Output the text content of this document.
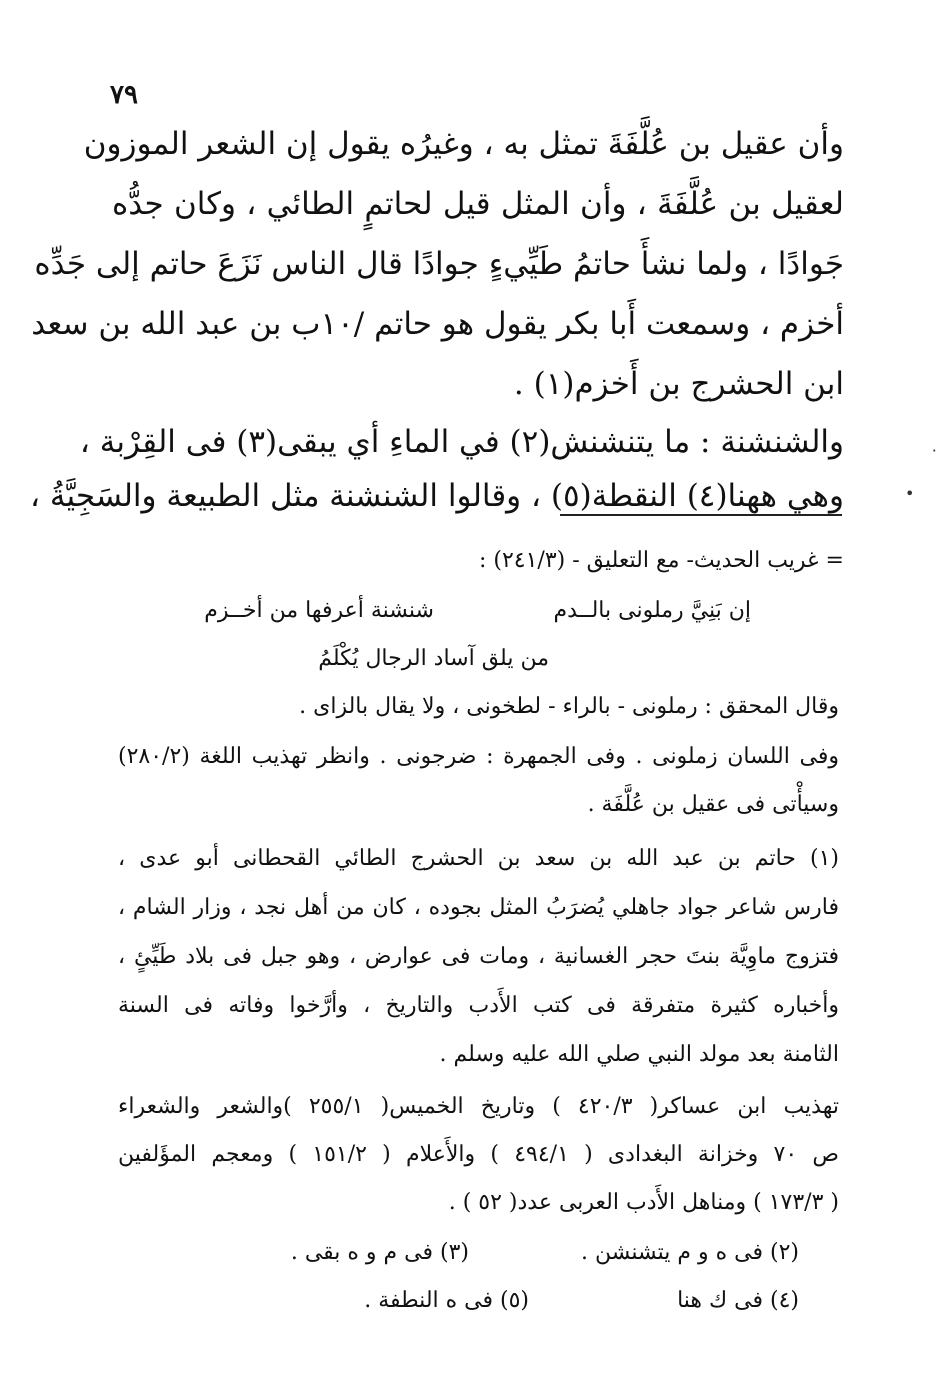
٧٩
وأن عقيل بن عُلَّفَةَ تمثل به ، وغيرُه يقول إن الشعر الموزون
لعقيل بن عُلَّفَةَ ، وأن المثل قيل لحاتمٍ الطائي ، وكان جدُّه
جَوادًا ، ولما نشأَ حاتمُ طَيِّيءٍ جوادًا قال الناس نَزَعَ حاتم إلى جَدِّه
أخزم ، وسمعت أَبا بكر يقول هو حاتم /١٠ب بن عبد الله بن سعد
ابن الحشرج بن أَخزم(١) .
والشنشنة : ما يتنشنش(٢) في الماءِ أي يبقى(٣) فى القِرْبة ،
وهي ههنا(٤) النقطة(٥) ، وقالوا الشنشنة مثل الطبيعة والسَجِيَّةُ ،
٠
•
= غريب الحديث- مع التعليق - (٢٤١/٣) :
إن بَنِيَّ رملونى بالــدم
شنشنة أعرفها من أخــزم
من يلق آساد الرجال يُكْلَمُ
وقال المحقق : رملونى - بالراء - لطخونى ، ولا يقال بالزاى .
وفى اللسان زملونى . وفى الجمهرة : ضرجونى . وانظر تهذيب اللغة (٢٨٠/٢)
وسيأْتى فى عقيل بن عُلَّفَة .
(١) حاتم بن عبد الله بن سعد بن الحشرج الطائي القحطانى أبو عدى ،
فارس شاعر جواد جاهلي يُضرَبُ المثل بجوده ، كان من أهل نجد ، وزار الشام ،
فتزوج ماوِيَّة بنتَ حجر الغسانية ، ومات فى عوارض ، وهو جبل فى بلاد طَيِّئٍ ،
وأخباره كثيرة متفرقة فى كتب الأَدب والتاريخ ، وأرَّخوا وفاته فى السنة
الثامنة بعد مولد النبي صلي الله عليه وسلم .
تهذيب ابن عساكر( ٤٢٠/٣ ) وتاريخ الخميس( ٢٥٥/١ )والشعر والشعراء
ص ٧٠ وخزانة البغدادى ( ٤٩٤/١ ) والأَعلام ( ١٥١/٢ ) ومعجم المؤَلفين
( ١٧٣/٣ ) ومناهل الأَدب العربى عدد( ٥٢ ) .
(٢) فى ه و م يتشنشن .
(٣) فى م و ه بقى .
(٤) فى ك هنا
(٥) فى ه النطفة .
